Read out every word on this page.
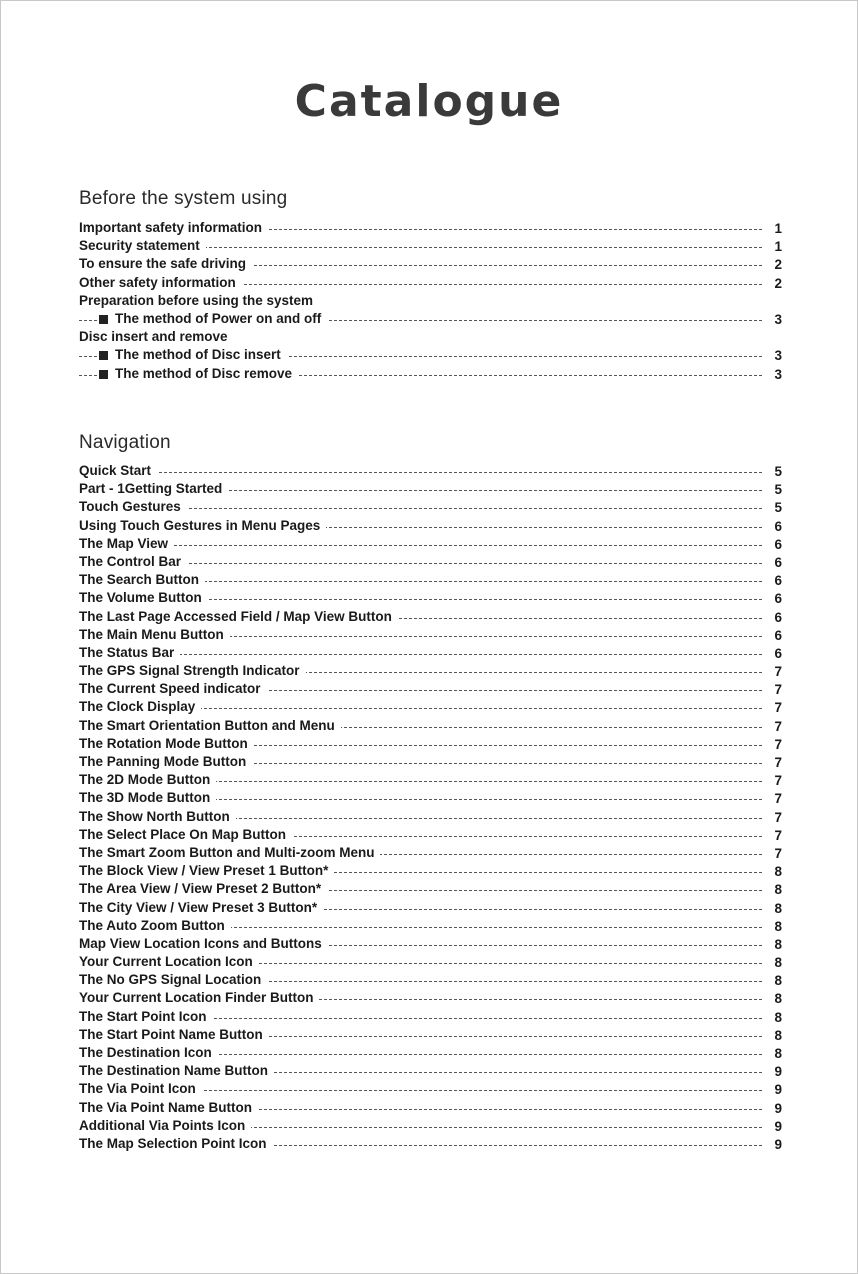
Catalogue
Before the system using
Important safety information	1
Security statement	1
To ensure the safe driving	2
Other safety information	2
Preparation before using the system
The method of Power on and off	3
Disc insert and remove
The method of Disc insert	3
The method of Disc remove	3
Navigation
Quick Start	5
Part - 1Getting Started	5
Touch Gestures	5
Using Touch Gestures in Menu Pages	6
The Map View	6
The Control Bar	6
The Search Button	6
The Volume Button	6
The Last Page Accessed Field / Map View Button	6
The Main Menu Button	6
The Status Bar	6
The GPS Signal Strength Indicator	7
The Current Speed indicator	7
The Clock Display	7
The Smart Orientation Button and Menu	7
The Rotation Mode Button	7
The Panning Mode Button	7
The 2D Mode Button	7
The 3D Mode Button	7
The Show North Button	7
The Select Place On Map Button	7
The Smart Zoom Button and Multi-zoom Menu	7
The Block View / View Preset 1 Button*	8
The Area View / View Preset 2 Button*	8
The City View / View Preset 3 Button*	8
The Auto Zoom Button	8
Map View Location Icons and Buttons	8
Your Current Location Icon	8
The No GPS Signal Location	8
Your Current Location Finder Button	8
The Start Point Icon	8
The Start Point Name Button	8
The Destination Icon	8
The Destination Name Button	9
The Via Point Icon	9
The Via Point Name Button	9
Additional Via Points Icon	9
The Map Selection Point Icon	9
